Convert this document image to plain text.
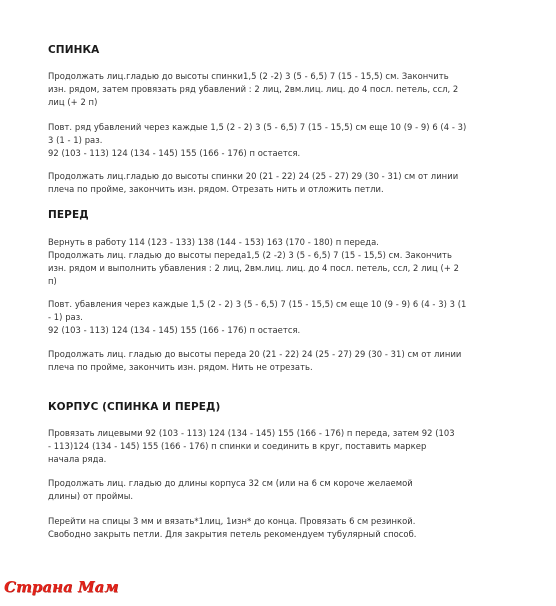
СПИНКА
Продолжать лиц.гладью до высоты спинки1,5 (2 -2) 3 (5 - 6,5) 7 (15 - 15,5) см. Закончить
изн. рядом, затем провязать ряд убавлений : 2 лиц, 2вм.лиц. лиц. до 4 посл. петель, ссл, 2
лиц (+ 2 п)
Повт. ряд убавлений через каждые 1,5 (2 - 2) 3 (5 - 6,5) 7 (15 - 15,5) см еще 10 (9 - 9) 6 (4 - 3)
3 (1 - 1) раз.
92 (103 - 113) 124 (134 - 145) 155 (166 - 176) п остается.
Продолжать лиц.гладью до высоты спинки 20 (21 - 22) 24 (25 - 27) 29 (30 - 31) см от линии
плеча по пройме, закончить изн. рядом. Отрезать нить и отложить петли.
ПЕРЕД
Вернуть в работу 114 (123 - 133) 138 (144 - 153) 163 (170 - 180) п переда.
Продолжать лиц. гладью до высоты переда1,5 (2 -2) 3 (5 - 6,5) 7 (15 - 15,5) см. Закончить
изн. рядом и выполнить убавления : 2 лиц, 2вм.лиц. лиц. до 4 посл. петель, ссл, 2 лиц (+ 2
п)
Повт. убавления через каждые 1,5 (2 - 2) 3 (5 - 6,5) 7 (15 - 15,5) см еще 10 (9 - 9) 6 (4 - 3) 3 (1
- 1) раз.
92 (103 - 113) 124 (134 - 145) 155 (166 - 176) п остается.
Продолжать лиц. гладью до высоты переда 20 (21 - 22) 24 (25 - 27) 29 (30 - 31) см от линии
плеча по пройме, закончить изн. рядом. Нить не отрезать.
КОРПУС (СПИНКА И ПЕРЕД)
Провязать лицевыми 92 (103 - 113) 124 (134 - 145) 155 (166 - 176) п переда, затем 92 (103
- 113)124 (134 - 145) 155 (166 - 176) п спинки и соединить в круг, поставить маркер
начала ряда.
Продолжать лиц. гладью до длины корпуса 32 см (или на 6 см короче желаемой
длины) от проймы.
Перейти на спицы 3 мм и вязать*1лиц, 1изн* до конца. Провязать 6 см резинкой.
Свободно закрыть петли. Для закрытия петель рекомендуем тубулярный способ.
Страна Мам
